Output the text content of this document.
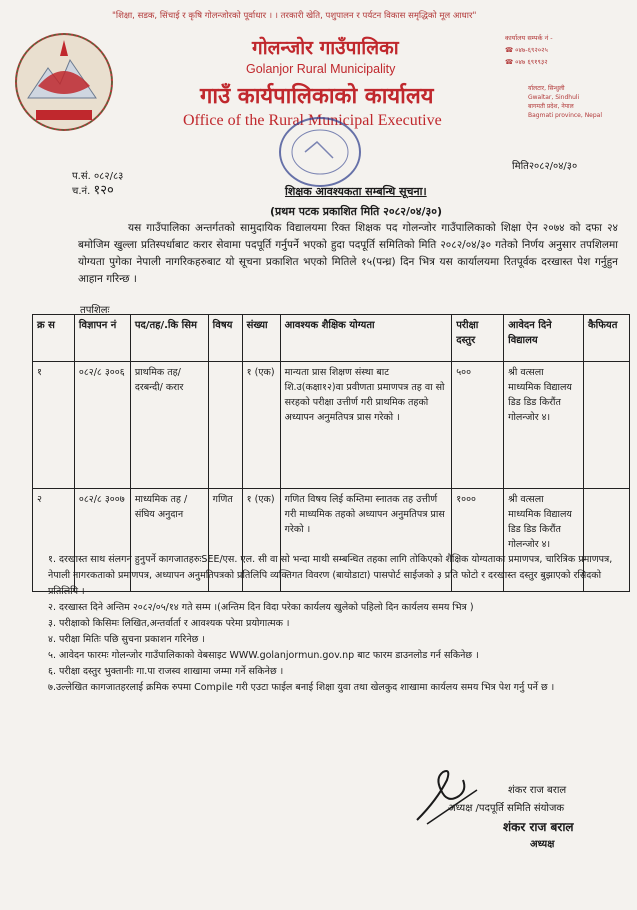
"शिक्षा, सडक, सिंचाई र कृषि गोलन्जोरको पूर्वाधार । । तरकारी खेति, पशुपालन र पर्यटन विकास समृद्धिको मूल आधार"
गोलन्जोर गाउँपालिका
Golanjor Rural Municipality
गाउँ कार्यपालिकाको कार्यालय
Office of the Rural Municipal Executive
कार्यालय सम्पर्क नं -
☎ ०४७-६९२०२५
☎ ०४७ ६९१९३२
र्यालटार, सिन्धुली
Gwaltar, Sindhuli
बागमती प्रदेश, नेपाल
Bagmati province, Nepal
प.सं. ०८२/८३
च.नं. १२०
मिति२०८२/०४/३०
शिक्षक आवश्यकता सम्बन्धि सूचना।
(प्रथम पटक प्रकाशित मिति २०८२/०४/३०)
यस गाउँपालिका अन्तर्गतको सामुदायिक विद्यालयमा रिक्त शिक्षक पद गोलन्जोर गाउँपालिकाको शिक्षा ऐन २०७४ को दफा २४ बमोजिम खुल्ला प्रतिस्पर्धाबाट करार सेवामा पदपूर्ति गर्नुपर्ने भएको हुदा पदपूर्ति समितिको मिति २०८२/०४/३० गतेको निर्णय अनुसार तपशिलमा योग्यता पुगेका नेपाली नागरिकहरुबाट यो सूचना प्रकाशित भएको मितिले १५(पन्ध्र) दिन भित्र यस कार्यालयमा रितपूर्वक दरखास्त पेश गर्नुहुन आहान गरिन्छ ।
तपशिलः
क्र स	विज्ञापन नं	पद/तह/.कि सिम	विषय	संख्या	आवश्यक शैक्षिक योग्यता	परीक्षा दस्तुर	आवेदन दिने विद्यालय	कैफियत
१	०८२/८ ३००६	प्राथमिक तह/ दरबन्दी/ करार		१ (एक)	मान्यता प्रास शिक्षण संस्था बाट शि.उ(कक्षा१२)वा प्रवीणता प्रमाणपत्र तह वा सो सरहको परीक्षा उत्तीर्ण गरी प्राथमिक तहको अध्यापन अनुमतिपत्र प्रास गरेको ।	५००	श्री वत्सला माध्यमिक विद्यालय डिड डिड किरौंत गोलन्जोर ४।	
२	०८२/८ ३००७	माध्यमिक तह /संघिय अनुदान	गणित	१ (एक)	गणित विषय लिई कम्तिमा स्नातक तह उत्तीर्ण गरी माध्यमिक तहको अध्यापन अनुमतिपत्र प्रास गरेको ।	१०००	श्री वत्सला माध्यमिक विद्यालय डिड डिड किरौंत गोलन्जोर ४।	
१. दरखास्त साथ संलगन हुनुपर्ने कागजातहरुःSEE/एस. एल. सी वा सो भन्दा माथी सम्बन्धित तहका लागि तोकिएको शैक्षिक योग्यताका प्रमाणपत्र, चारित्रिक प्रमाणपत्र, नेपाली नागरकताको प्रमाणपत्र, अध्यापन अनुमतिपत्रको प्रतिलिपि व्यक्तिगत विवरण (बायोडाटा) पासपोर्ट साईजको ३ प्रति फोटो र दरखास्त दस्तुर बुझाएको रसिदको प्रतिलिपि ।
२. दरखास्त दिने अन्तिम २०८२/०५/१४ गते सम्म ।(अन्तिम दिन विदा परेका कार्यलय खुलेको पहिलो दिन कार्यलय समय भित्र )
३. परीक्षाको किसिमः लिखित,अन्तर्वार्ता र आवश्यक परेमा प्रयोगात्मक ।
४. परीक्षा मितिः पछि सुचना प्रकाशन गरिनेछ ।
५. आवेदन फारमः गोलन्जोर गाउँपालिकाको वेबसाइट WWW.golanjormun.gov.np बाट फारम डाउनलोड गर्न सकिनेछ ।
६. परीक्षा दस्तुर भुक्तानीः गा.पा राजस्व शाखामा जम्मा गर्ने सकिनेछ ।
७.उल्लेखित कागजातहरलाई क्रमिक रुपमा Compile गरी एउटा फाईल बनाई शिक्षा युवा तथा खेलकुद शाखामा कार्यलय समय भित्र पेश गर्नु पर्ने छ ।
शंकर राज बराल
अध्यक्ष /पदपूर्ति समिति संयोजक
शंकर राज बराल
अध्यक्ष
